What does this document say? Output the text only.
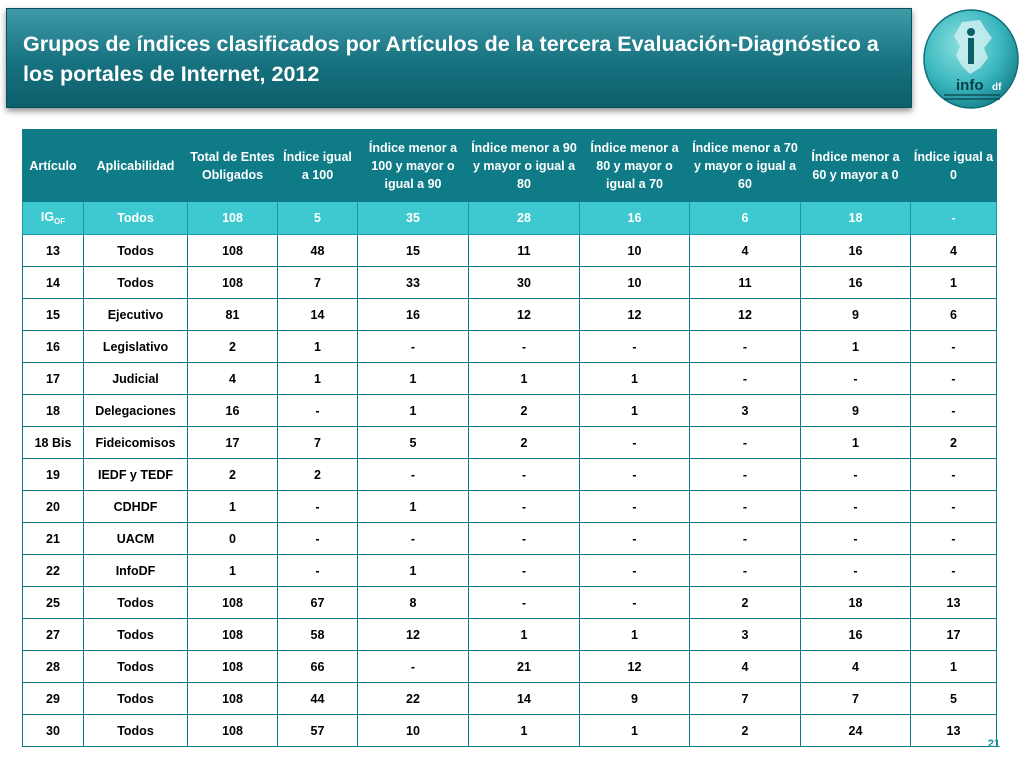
Grupos de índices clasificados por Artículos de la tercera Evaluación-Diagnóstico a los portales de Internet, 2012	info df
Artículo	Aplicabilidad	Total de Entes Obligados	Índice igual a 100	Índice menor a 100 y mayor o igual a 90	Índice menor a 90 y mayor o igual a 80	Índice menor a 80 y mayor o igual a 70	Índice menor a 70 y mayor o igual a 60	Índice menor a 60 y mayor a 0	Índice igual a 0
$IG_{OF}$	Todos	108	5	35	28	16	6	18	-
13	Todos	108	48	15	11	10	4	16	4
14	Todos	108	7	33	30	10	11	16	1
15	Ejecutivo	81	14	16	12	12	12	9	6
16	Legislativo	2	1	-	-	-	-	1	-
17	Judicial	4	1	1	1	1	-	-	-
18	Delegaciones	16	-	1	2	1	3	9	-
18 Bis	Fideicomisos	17	7	5	2	-	-	1	2
19	IEDF y TEDF	2	2	-	-	-	-	-	-
20	CDHDF	1	-	1	-	-	-	-	-
21	UACM	0	-	-	-	-	-	-	-
22	InfoDF	1	-	1	-	-	-	-	-
25	Todos	108	67	8	-	-	2	18	13
27	Todos	108	58	12	1	1	3	16	17
28	Todos	108	66	-	21	12	4	4	1
29	Todos	108	44	22	14	9	7	7	5
30	Todos	108	57	10	1	1	2	24	13
21
